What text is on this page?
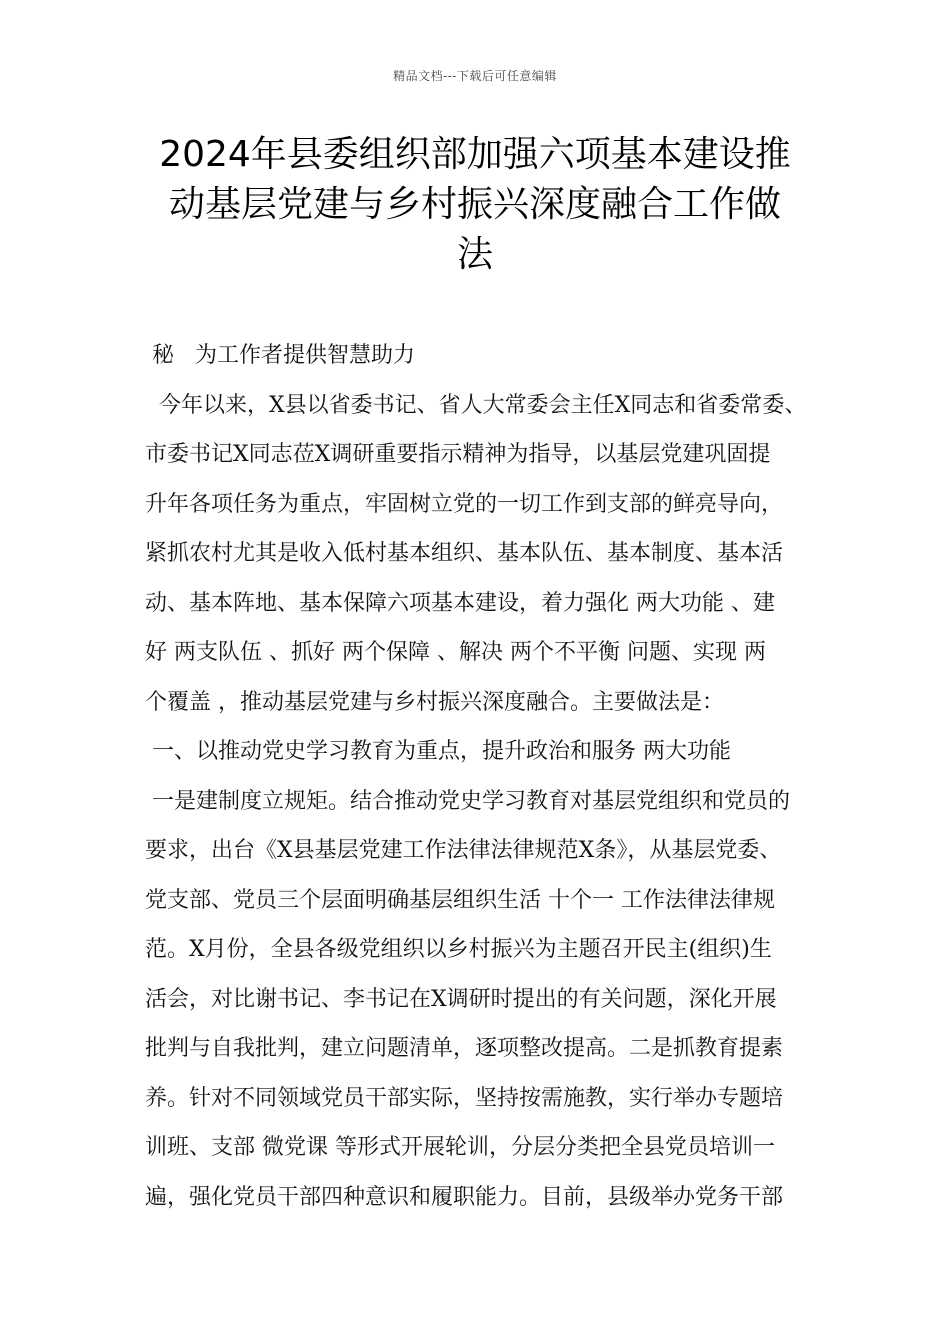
精品文档---下载后可任意编辑
2024年县委组织部加强六项基本建设推
动基层党建与乡村振兴深度融合工作做
法
秘   为工作者提供智慧助力
今年以来，X县以省委书记、省人大常委会主任X同志和省委常委、
市委书记X同志莅X调研重要指示精神为指导，以基层党建巩固提
升年各项任务为重点，牢固树立党的一切工作到支部的鲜亮导向，
紧抓农村尤其是收入低村基本组织、基本队伍、基本制度、基本活
动、基本阵地、基本保障六项基本建设，着力强化 两大功能 、建
好 两支队伍 、抓好 两个保障 、解决 两个不平衡 问题、实现 两
个覆盖 ，推动基层党建与乡村振兴深度融合。主要做法是：
一、以推动党史学习教育为重点，提升政治和服务 两大功能
一是建制度立规矩。结合推动党史学习教育对基层党组织和党员的
要求，出台《X县基层党建工作法律法律规范X条》，从基层党委、
党支部、党员三个层面明确基层组织生活 十个一 工作法律法律规
范。X月份，全县各级党组织以乡村振兴为主题召开民主(组织)生
活会，对比谢书记、李书记在X调研时提出的有关问题，深化开展
批判与自我批判，建立问题清单，逐项整改提高。二是抓教育提素
养。针对不同领域党员干部实际，坚持按需施教，实行举办专题培
训班、支部 微党课 等形式开展轮训，分层分类把全县党员培训一
遍，强化党员干部四种意识和履职能力。目前，县级举办党务干部
